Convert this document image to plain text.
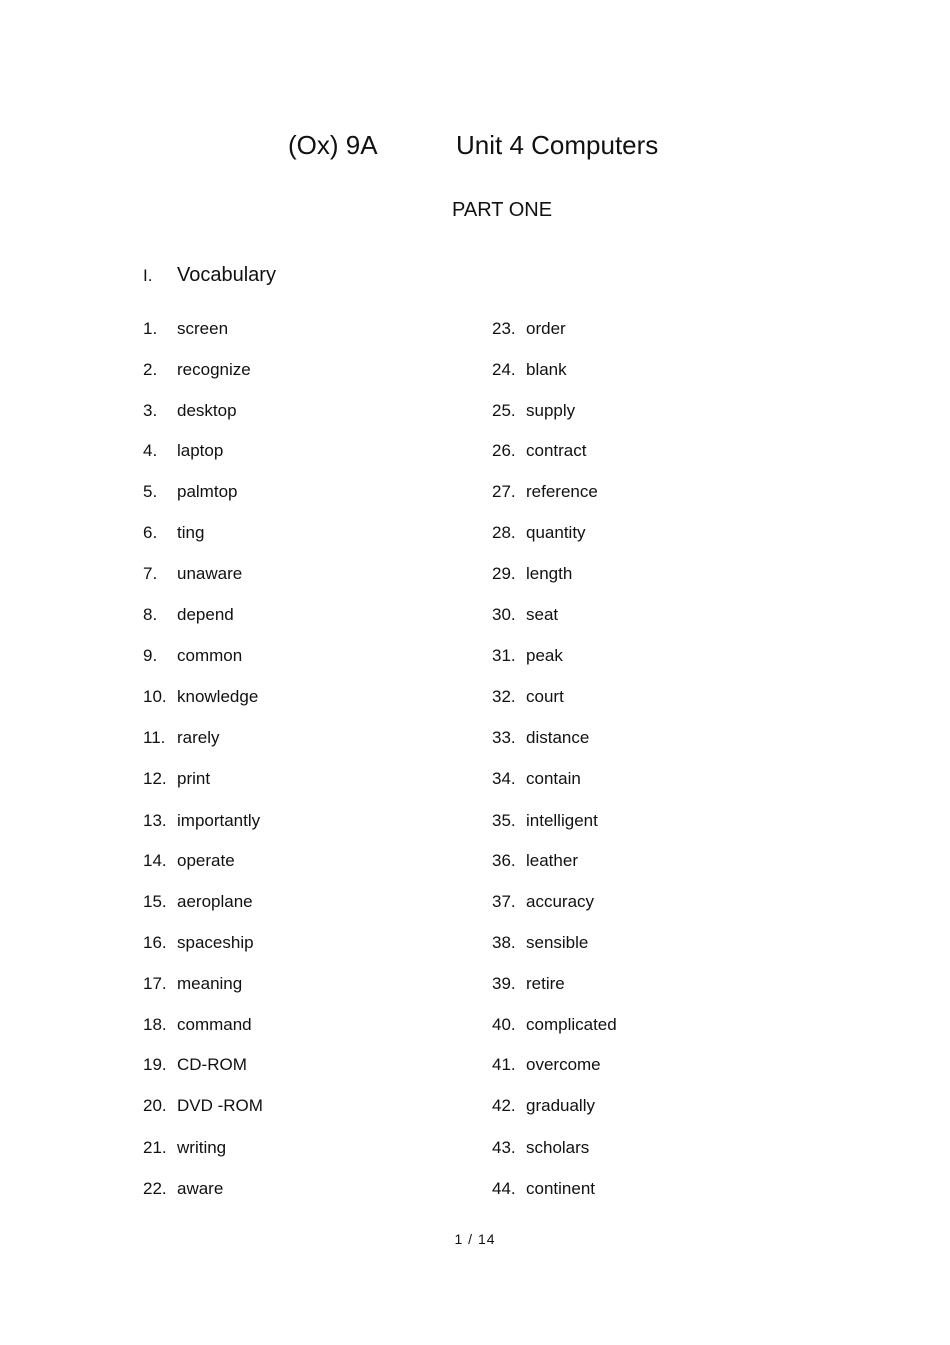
(Ox) 9A	Unit 4 Computers
PART ONE
I. Vocabulary
1. screen
2. recognize
3. desktop
4. laptop
5. palmtop
6. ting
7. unaware
8. depend
9. common
10. knowledge
11. rarely
12. print
13. importantly
14. operate
15. aeroplane
16. spaceship
17. meaning
18. command
19. CD-ROM
20. DVD -ROM
21. writing
22. aware
23. order
24. blank
25. supply
26. contract
27. reference
28. quantity
29. length
30. seat
31. peak
32. court
33. distance
34. contain
35. intelligent
36. leather
37. accuracy
38. sensible
39. retire
40. complicated
41. overcome
42. gradually
43. scholars
44. continent
1 / 14
